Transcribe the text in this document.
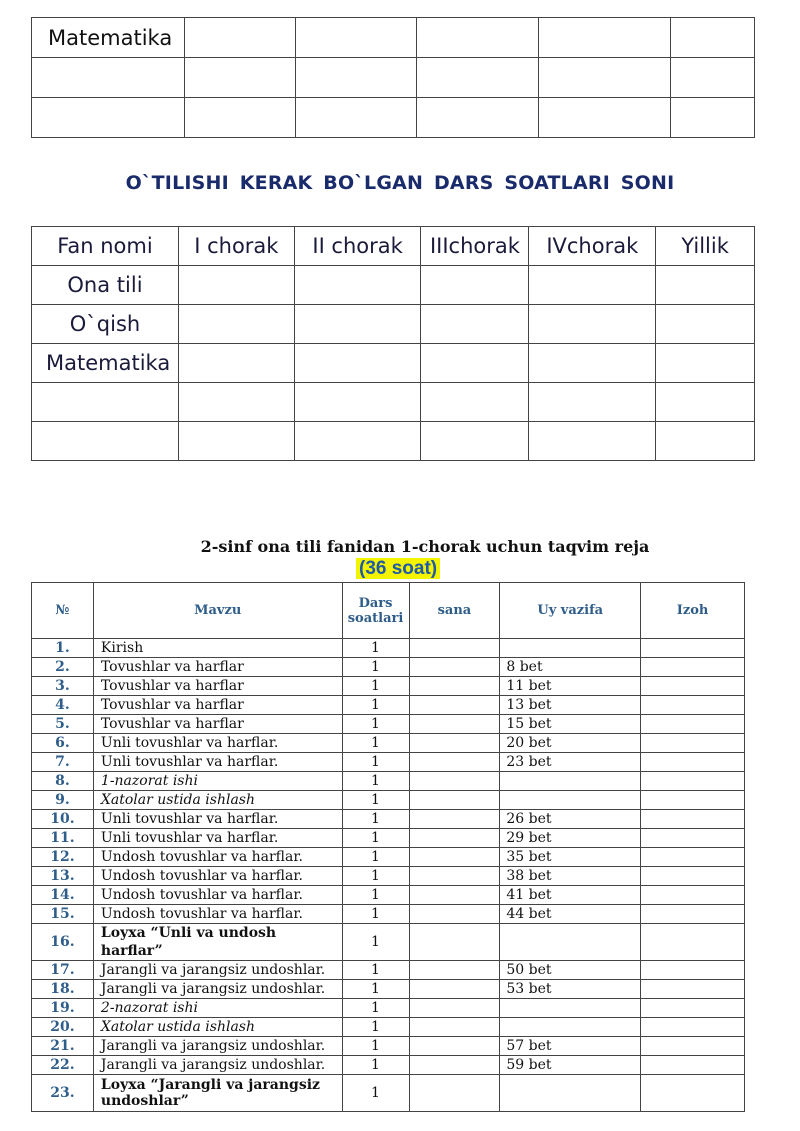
Matematika					

O`TILISHI KERAK BO`LGAN DARS SOATLARI SONI
Fan nomi	I chorak	II chorak	IIIchorak	IVchorak	Yillik
Ona tili					
O`qish					
Matematika					

2-sinf ona tili fanidan 1-chorak uchun taqvim reja
(36 soat)
№	Mavzu	Dars soatlari	sana	Uy vazifa	Izoh
1.	Kirish	1			
2.	Tovushlar va harflar	1		8 bet	
3.	Tovushlar va harflar	1		11 bet	
4.	Tovushlar va harflar	1		13 bet	
5.	Tovushlar va harflar	1		15 bet	
6.	Unli tovushlar va harflar.	1		20 bet	
7.	Unli tovushlar va harflar.	1		23 bet	
8.	1-nazorat ishi	1			
9.	Xatolar ustida ishlash	1			
10.	Unli tovushlar va harflar.	1		26 bet	
11.	Unli tovushlar va harflar.	1		29 bet	
12.	Undosh tovushlar va harflar.	1		35 bet	
13.	Undosh tovushlar va harflar.	1		38 bet	
14.	Undosh tovushlar va harflar.	1		41 bet	
15.	Undosh tovushlar va harflar.	1		44 bet	
16.	Loyxa “Unli va undosh harflar”	1			
17.	Jarangli va jarangsiz undoshlar.	1		50 bet	
18.	Jarangli va jarangsiz undoshlar.	1		53 bet	
19.	2-nazorat ishi	1			
20.	Xatolar ustida ishlash	1			
21.	Jarangli va jarangsiz undoshlar.	1		57 bet	
22.	Jarangli va jarangsiz undoshlar.	1		59 bet	
23.	Loyxa “Jarangli va jarangsiz undoshlar”	1			
